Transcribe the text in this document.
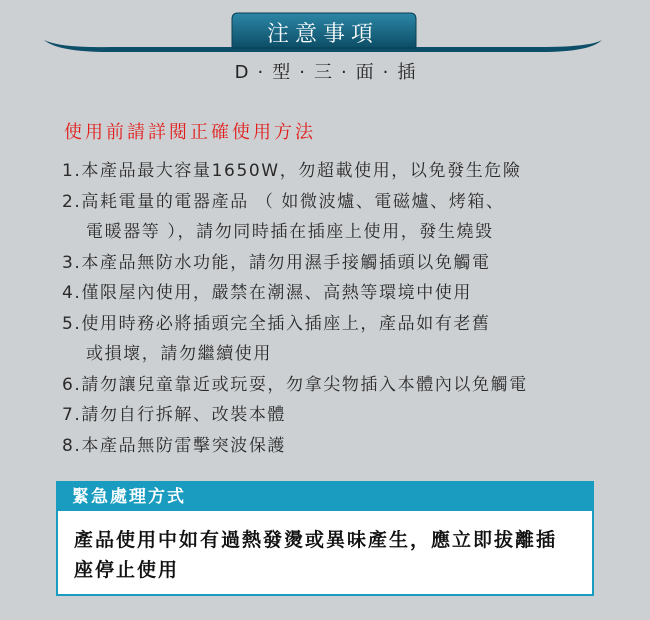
注意事項
D · 型 · 三 · 面 · 插
使用前請詳閱正確使用方法
1.本產品最大容量1650W，勿超載使用，以免發生危險
2.高耗電量的電器產品 （ 如微波爐、電磁爐、烤箱、
電暖器等 ），請勿同時插在插座上使用，發生燒毀
3.本產品無防水功能，請勿用濕手接觸插頭以免觸電
4.僅限屋內使用，嚴禁在潮濕、高熱等環境中使用
5.使用時務必將插頭完全插入插座上，產品如有老舊
或損壞，請勿繼續使用
6.請勿讓兒童靠近或玩耍，勿拿尖物插入本體內以免觸電
7.請勿自行拆解、改裝本體
8.本產品無防雷擊突波保護
緊急處理方式
產品使用中如有過熱發燙或異味產生，應立即拔離插座停止使用
